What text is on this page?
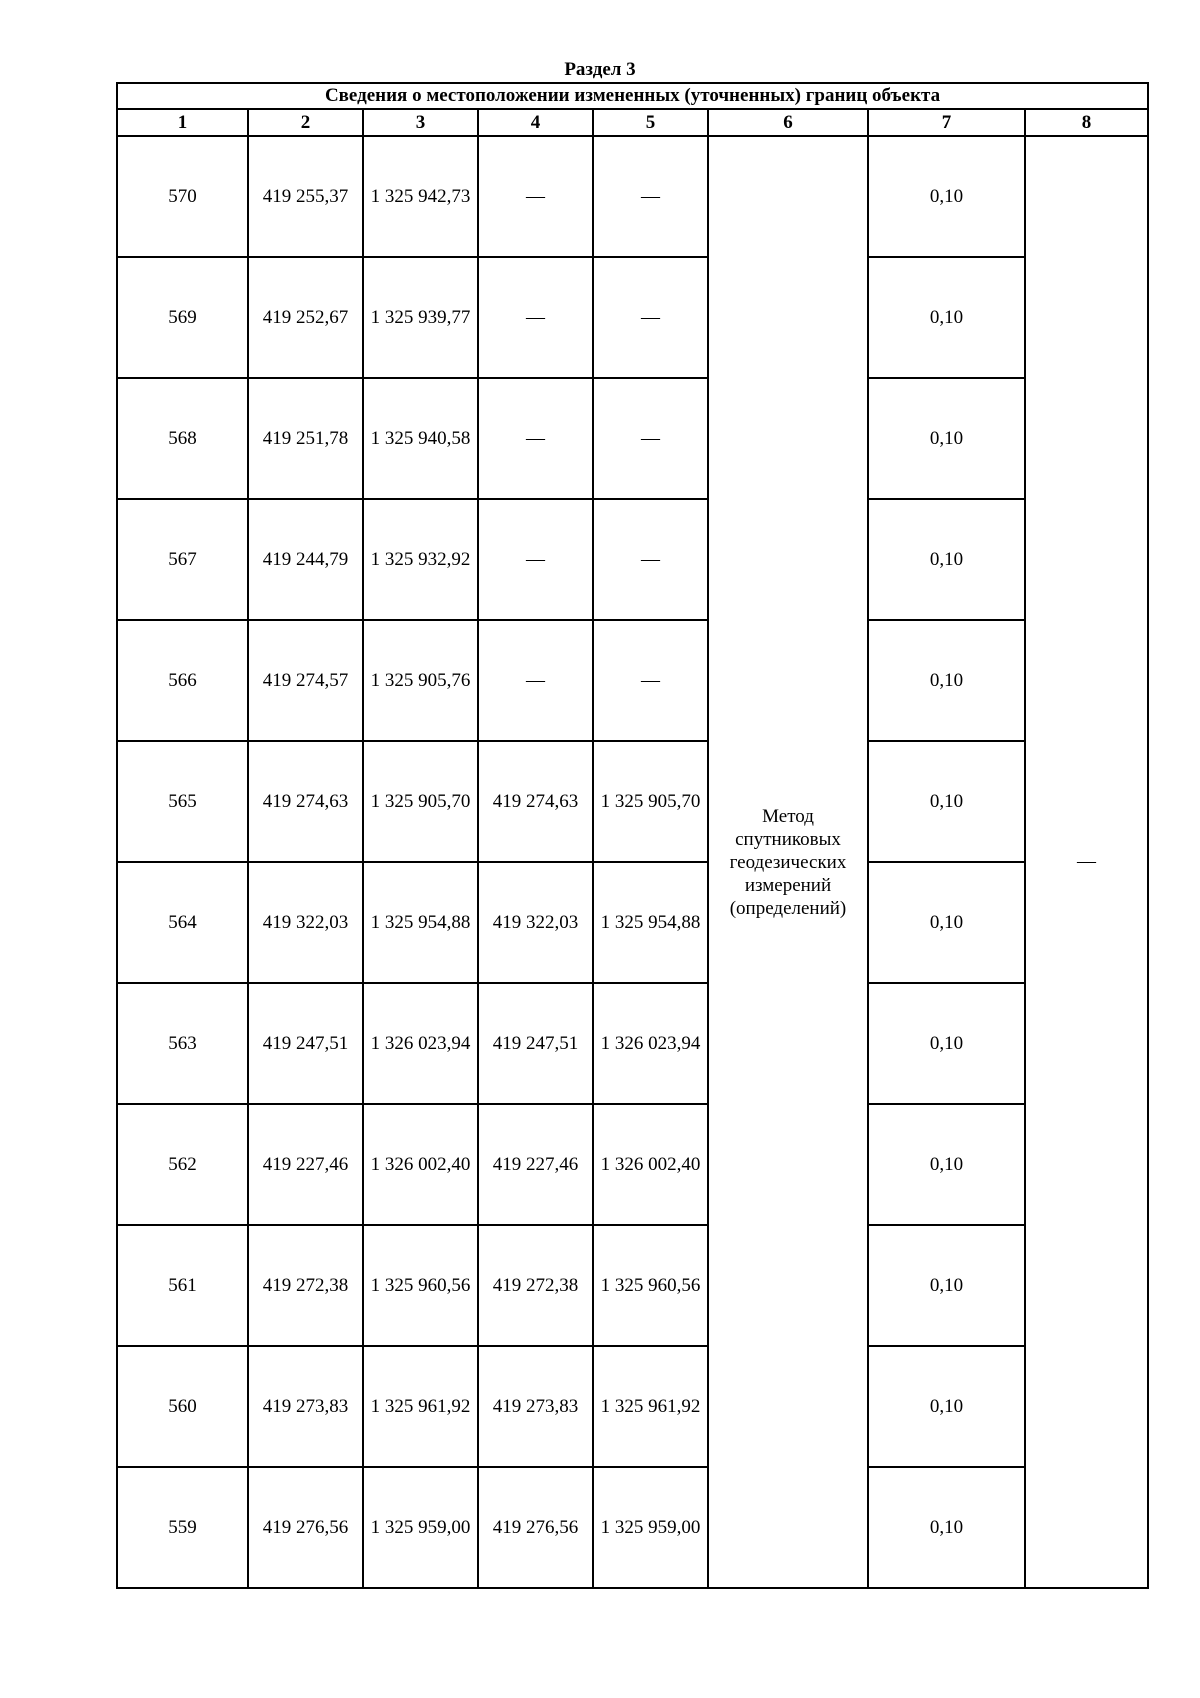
Раздел 3
Сведения о местоположении измененных (уточненных) границ объекта							
1	2	3	4	5	6	7	8
570	419 255,37	1 325 942,73	—	—	Метод спутниковых геодезических измерений (определений)	0,10	—
569	419 252,67	1 325 939,77	—	—		0,10	
568	419 251,78	1 325 940,58	—	—		0,10	
567	419 244,79	1 325 932,92	—	—		0,10	
566	419 274,57	1 325 905,76	—	—		0,10	
565	419 274,63	1 325 905,70	419 274,63	1 325 905,70		0,10	
564	419 322,03	1 325 954,88	419 322,03	1 325 954,88		0,10	
563	419 247,51	1 326 023,94	419 247,51	1 326 023,94		0,10	
562	419 227,46	1 326 002,40	419 227,46	1 326 002,40		0,10	
561	419 272,38	1 325 960,56	419 272,38	1 325 960,56		0,10	
560	419 273,83	1 325 961,92	419 273,83	1 325 961,92		0,10	
559	419 276,56	1 325 959,00	419 276,56	1 325 959,00		0,10	
